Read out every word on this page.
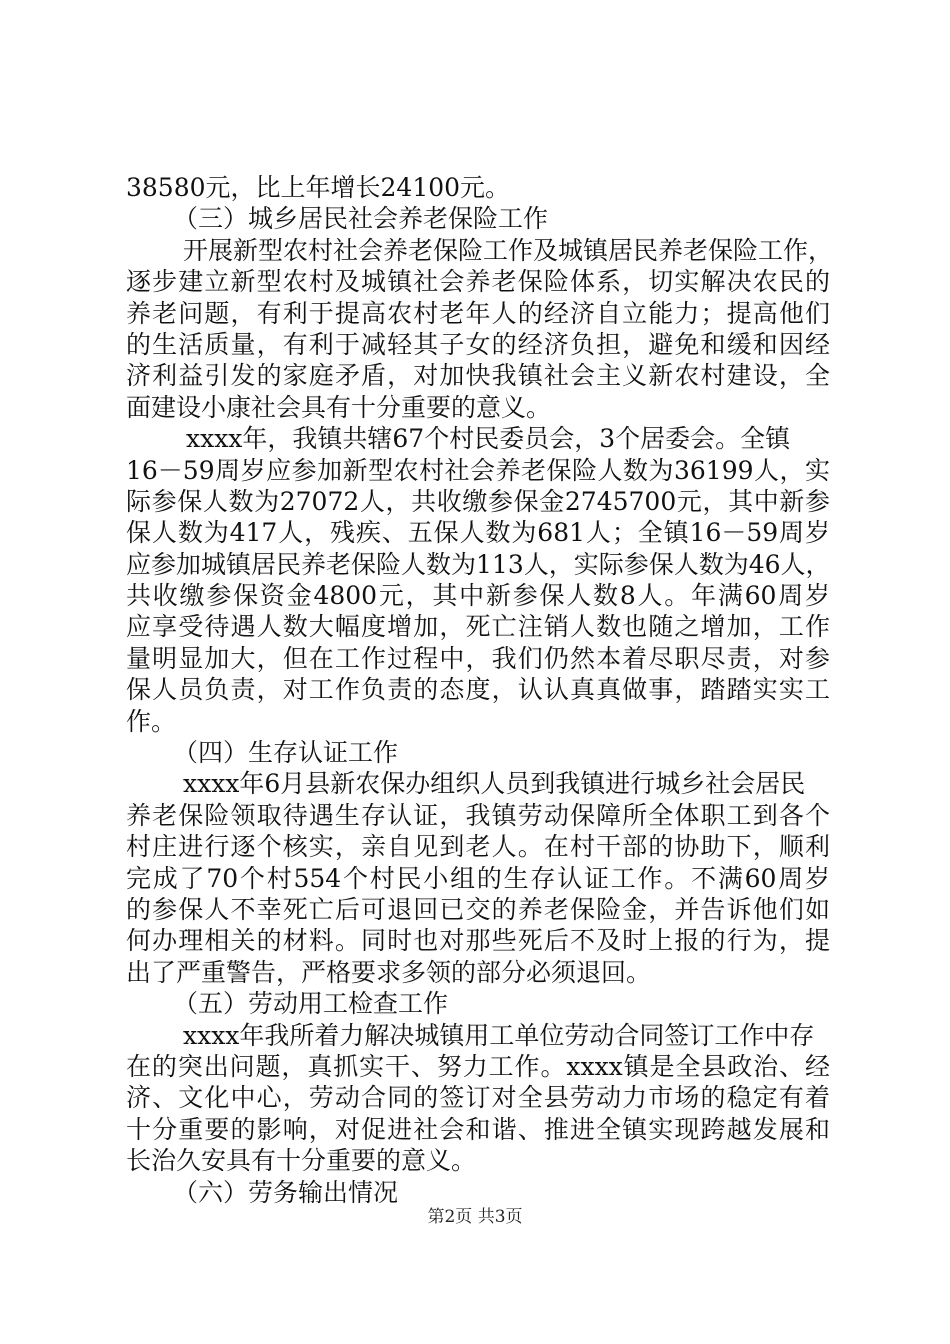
38580元，比上年增长24100元。
（三）城乡居民社会养老保险工作
开展新型农村社会养老保险工作及城镇居民养老保险工作，
逐步建立新型农村及城镇社会养老保险体系，切实解决农民的
养老问题，有利于提高农村老年人的经济自立能力；提高他们
的生活质量，有利于减轻其子女的经济负担，避免和缓和因经
济利益引发的家庭矛盾，对加快我镇社会主义新农村建设，全
面建设小康社会具有十分重要的意义。
xxxx年，我镇共辖67个村民委员会，3个居委会。全镇
16－59周岁应参加新型农村社会养老保险人数为36199人，实
际参保人数为27072人，共收缴参保金2745700元，其中新参
保人数为417人，残疾、五保人数为681人；全镇16－59周岁
应参加城镇居民养老保险人数为113人，实际参保人数为46人，
共收缴参保资金4800元，其中新参保人数8人。年满60周岁
应享受待遇人数大幅度增加，死亡注销人数也随之增加，工作
量明显加大，但在工作过程中，我们仍然本着尽职尽责，对参
保人员负责，对工作负责的态度，认认真真做事，踏踏实实工
作。
（四）生存认证工作
xxxx年6月县新农保办组织人员到我镇进行城乡社会居民
养老保险领取待遇生存认证，我镇劳动保障所全体职工到各个
村庄进行逐个核实，亲自见到老人。在村干部的协助下，顺利
完成了70个村554个村民小组的生存认证工作。不满60周岁
的参保人不幸死亡后可退回已交的养老保险金，并告诉他们如
何办理相关的材料。同时也对那些死后不及时上报的行为，提
出了严重警告，严格要求多领的部分必须退回。
（五）劳动用工检查工作
xxxx年我所着力解决城镇用工单位劳动合同签订工作中存
在的突出问题，真抓实干、努力工作。xxxx镇是全县政治、经
济、文化中心，劳动合同的签订对全县劳动力市场的稳定有着
十分重要的影响，对促进社会和谐、推进全镇实现跨越发展和
长治久安具有十分重要的意义。
（六）劳务输出情况
第2页 共3页
